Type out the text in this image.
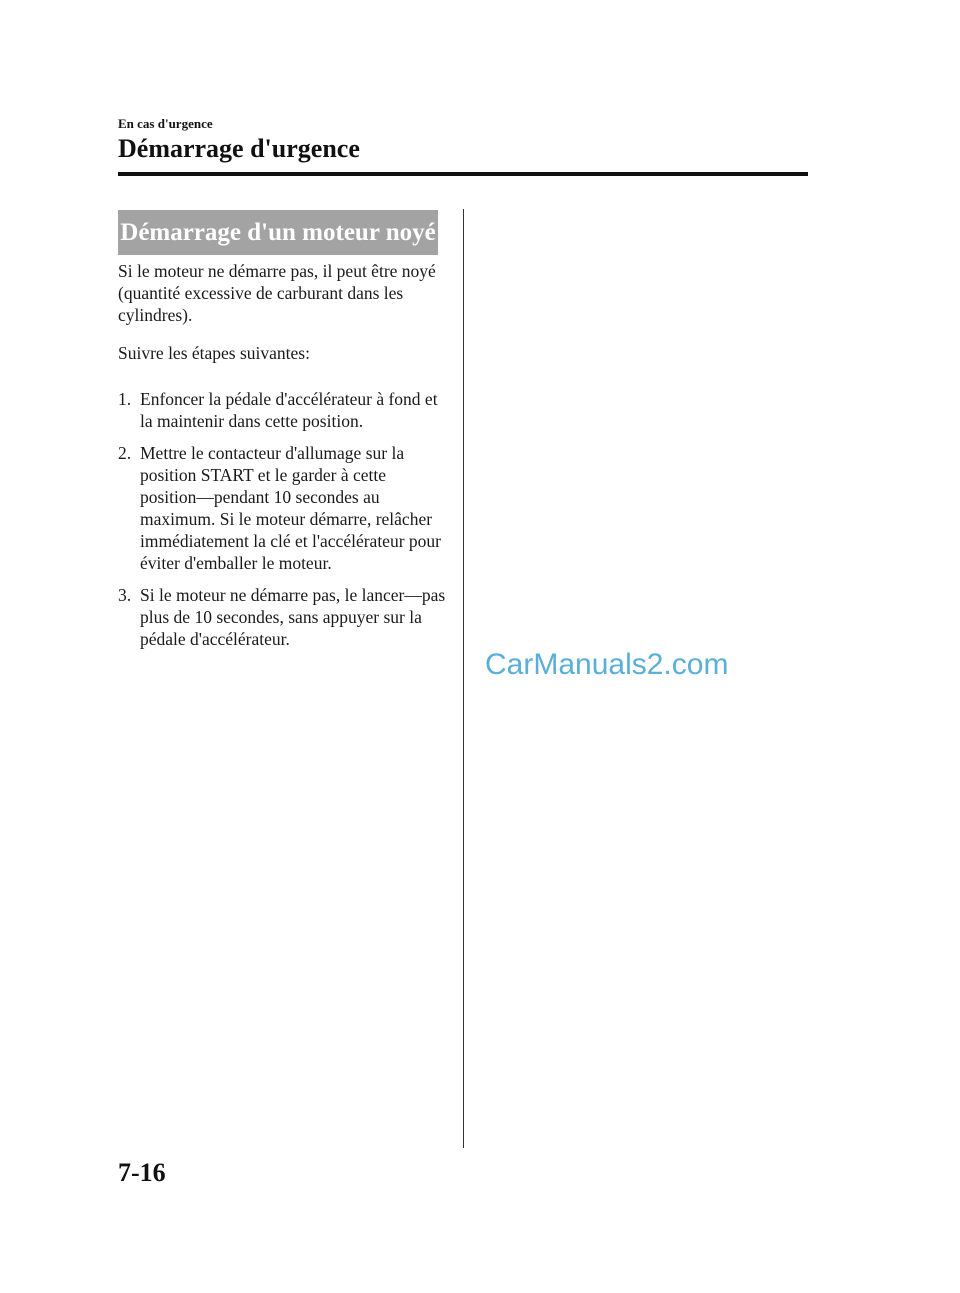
En cas d'urgence
Démarrage d'urgence
Démarrage d'un moteur noyé

Si le moteur ne démarre pas, il peut être noyé (quantité excessive de carburant dans les cylindres).

Suivre les étapes suivantes:

1. Enfoncer la pédale d'accélérateur à fond et la maintenir dans cette position.
2. Mettre le contacteur d'allumage sur la position START et le garder à cette position―pendant 10 secondes au maximum. Si le moteur démarre, relâcher immédiatement la clé et l'accélérateur pour éviter d'emballer le moteur.
3. Si le moteur ne démarre pas, le lancer―pas plus de 10 secondes, sans appuyer sur la pédale d'accélérateur.
CarManuals2.com
7-16
